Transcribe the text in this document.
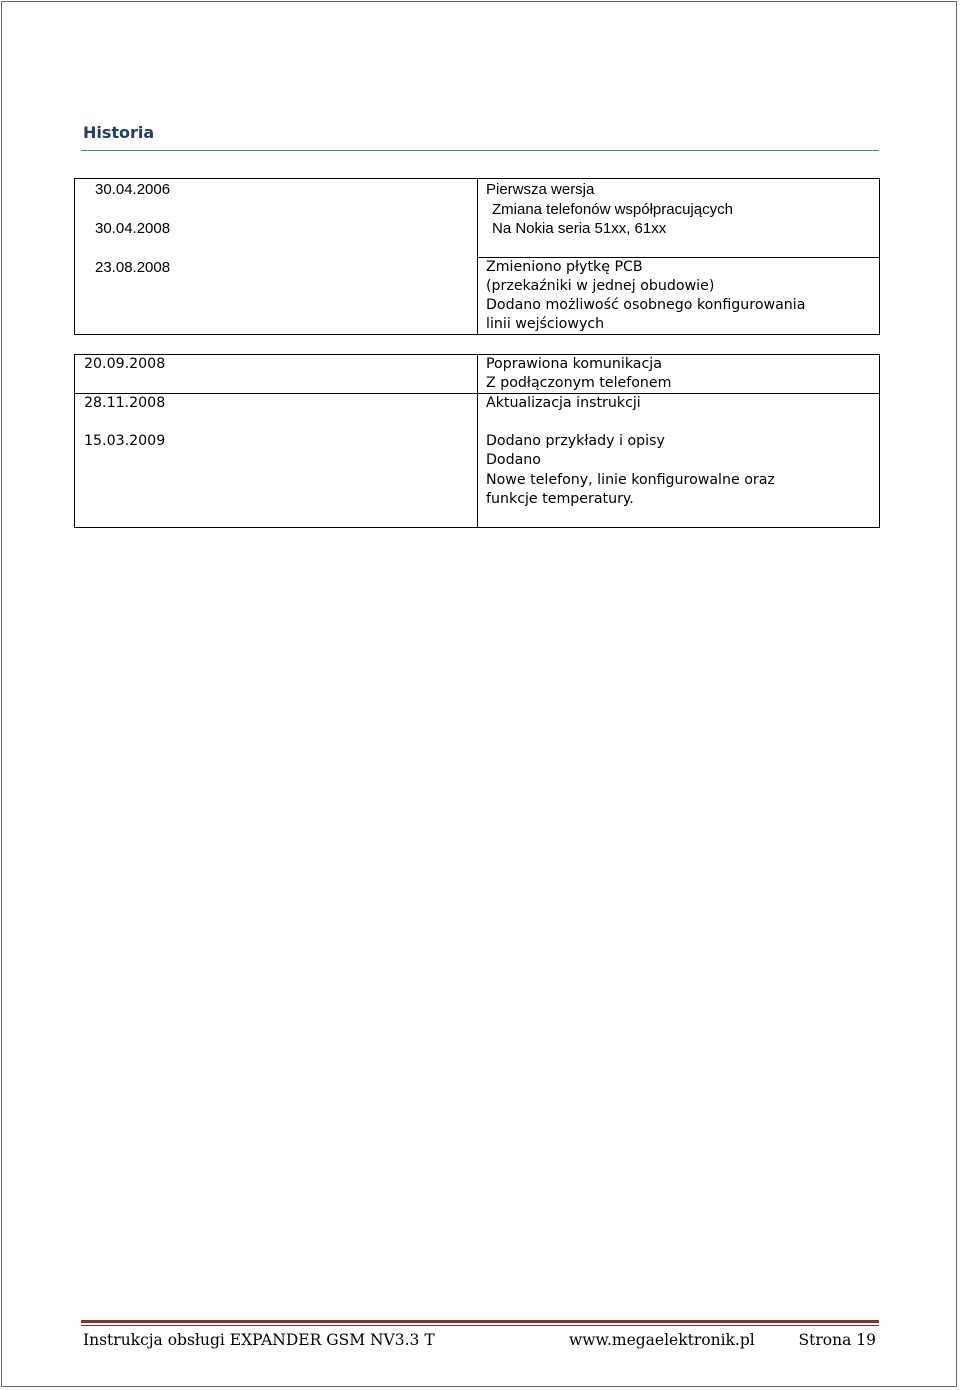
Historia
30.04.2006
30.04.2008
23.08.2008
Pierwsza wersja
Zmiana telefonów współpracujących
Na Nokia seria 51xx, 61xx
Zmieniono płytkę PCB
(przekaźniki w jednej obudowie)
Dodano możliwość osobnego konfigurowania
linii wejściowych
20.09.2008
28.11.2008
15.03.2009
Poprawiona komunikacja
Z podłączonym telefonem
Aktualizacja instrukcji
Dodano przykłady i opisy
Dodano
Nowe telefony, linie konfigurowalne oraz
funkcje temperatury.
Instrukcja obsługi EXPANDER GSM NV3.3 T	www.megaelektronik.pl	Strona 19
